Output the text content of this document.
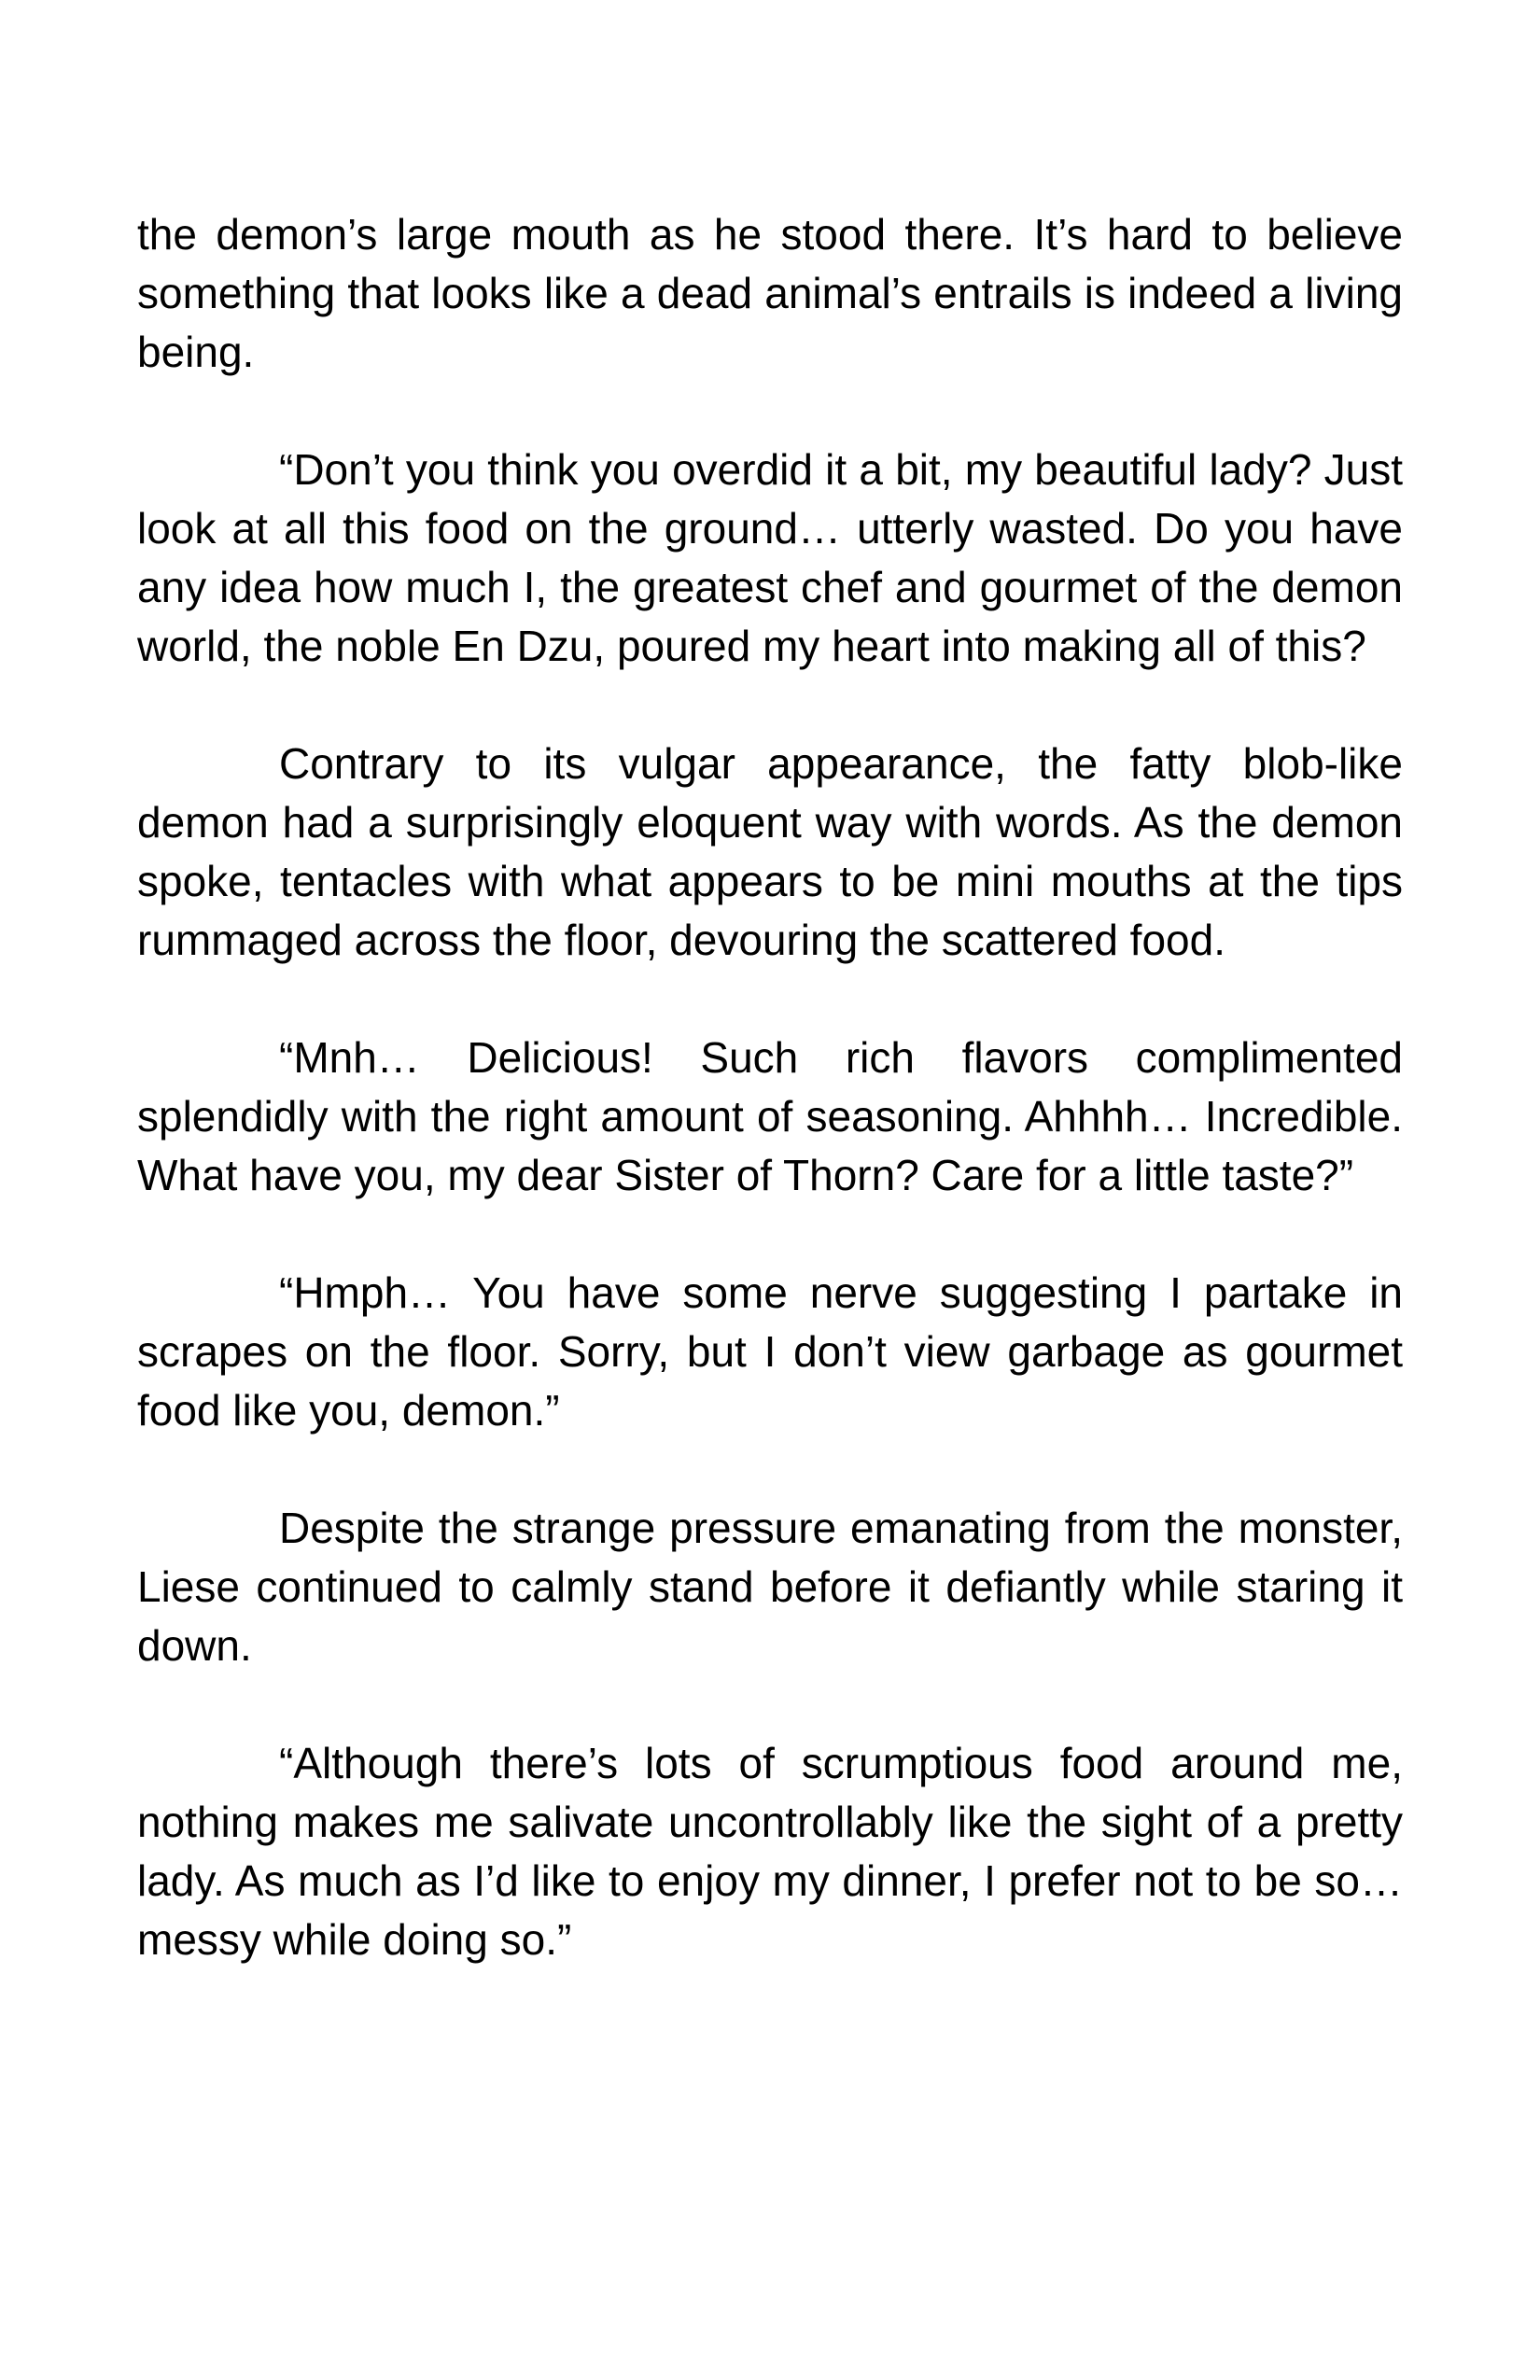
the demon’s large mouth as he stood there. It’s hard to believe something that looks like a dead animal’s entrails is indeed a living being.

“Don’t you think you overdid it a bit, my beautiful lady? Just look at all this food on the ground… utterly wasted. Do you have any idea how much I, the greatest chef and gourmet of the demon world, the noble En Dzu, poured my heart into making all of this?

Contrary to its vulgar appearance, the fatty blob-like demon had a surprisingly eloquent way with words. As the demon spoke, tentacles with what appears to be mini mouths at the tips rummaged across the floor, devouring the scattered food.

“Mnh… Delicious! Such rich flavors complimented splendidly with the right amount of seasoning. Ahhhh… Incredible. What have you, my dear Sister of Thorn? Care for a little taste?”

“Hmph… You have some nerve suggesting I partake in scrapes on the floor. Sorry, but I don’t view garbage as gourmet food like you, demon.”

Despite the strange pressure emanating from the monster, Liese continued to calmly stand before it defiantly while staring it down.

“Although there’s lots of scrumptious food around me, nothing makes me salivate uncontrollably like the sight of a pretty lady. As much as I’d like to enjoy my dinner, I prefer not to be so… messy while doing so.”
